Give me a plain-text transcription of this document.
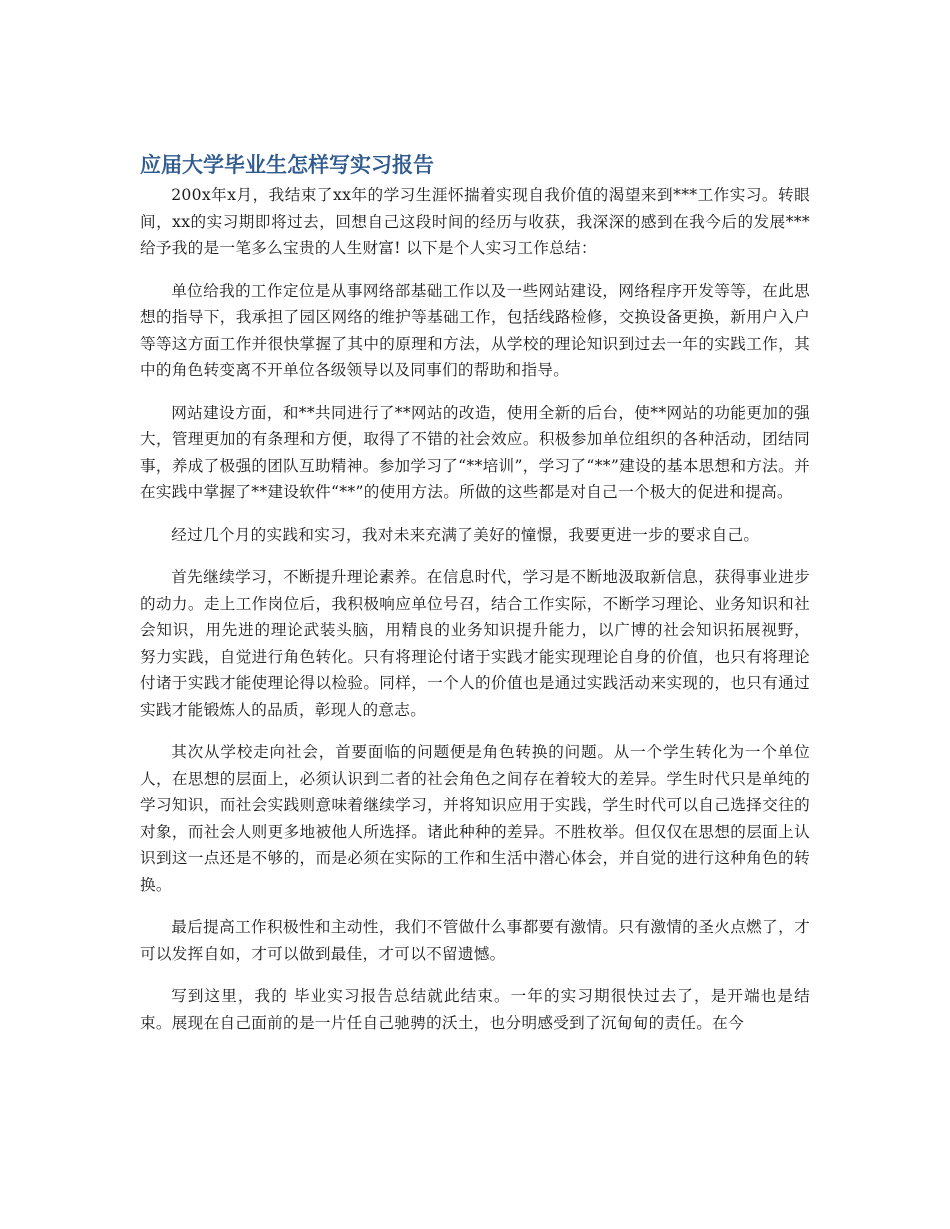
应届大学毕业生怎样写实习报告

200x年x月，我结束了xx年的学习生涯怀揣着实现自我价值的渴望来到***工作实习。转眼间，xx的实习期即将过去，回想自己这段时间的经历与收获，我深深的感到在我今后的发展***给予我的是一笔多么宝贵的人生财富! 以下是个人实习工作总结：

单位给我的工作定位是从事网络部基础工作以及一些网站建设，网络程序开发等等，在此思想的指导下，我承担了园区网络的维护等基础工作，包括线路检修，交换设备更换，新用户入户等等这方面工作并很快掌握了其中的原理和方法，从学校的理论知识到过去一年的实践工作，其中的角色转变离不开单位各级领导以及同事们的帮助和指导。

网站建设方面，和**共同进行了**网站的改造，使用全新的后台，使**网站的功能更加的强大，管理更加的有条理和方便，取得了不错的社会效应。积极参加单位组织的各种活动，团结同事，养成了极强的团队互助精神。参加学习了“**培训”，学习了“**”建设的基本思想和方法。并在实践中掌握了**建设软件“**”的使用方法。所做的这些都是对自己一个极大的促进和提高。

经过几个月的实践和实习，我对未来充满了美好的憧憬，我要更进一步的要求自己。

首先继续学习，不断提升理论素养。在信息时代，学习是不断地汲取新信息，获得事业进步的动力。走上工作岗位后，我积极响应单位号召，结合工作实际，不断学习理论、业务知识和社会知识，用先进的理论武装头脑，用精良的业务知识提升能力，以广博的社会知识拓展视野， 努力实践，自觉进行角色转化。只有将理论付诸于实践才能实现理论自身的价值，也只有将理论付诸于实践才能使理论得以检验。同样，一个人的价值也是通过实践活动来实现的，也只有通过实践才能锻炼人的品质，彰现人的意志。

其次从学校走向社会，首要面临的问题便是角色转换的问题。从一个学生转化为一个单位人，在思想的层面上，必须认识到二者的社会角色之间存在着较大的差异。学生时代只是单纯的学习知识，而社会实践则意味着继续学习，并将知识应用于实践，学生时代可以自己选择交往的对象，而社会人则更多地被他人所选择。诸此种种的差异。不胜枚举。但仅仅在思想的层面上认识到这一点还是不够的，而是必须在实际的工作和生活中潜心体会，并自觉的进行这种角色的转换。

最后提高工作积极性和主动性，我们不管做什么事都要有激情。只有激情的圣火点燃了，才可以发挥自如，才可以做到最佳，才可以不留遗憾。

写到这里，我的 毕业实习报告总结就此结束。一年的实习期很快过去了，是开端也是结束。展现在自己面前的是一片任自己驰骋的沃土，也分明感受到了沉甸甸的责任。在今
